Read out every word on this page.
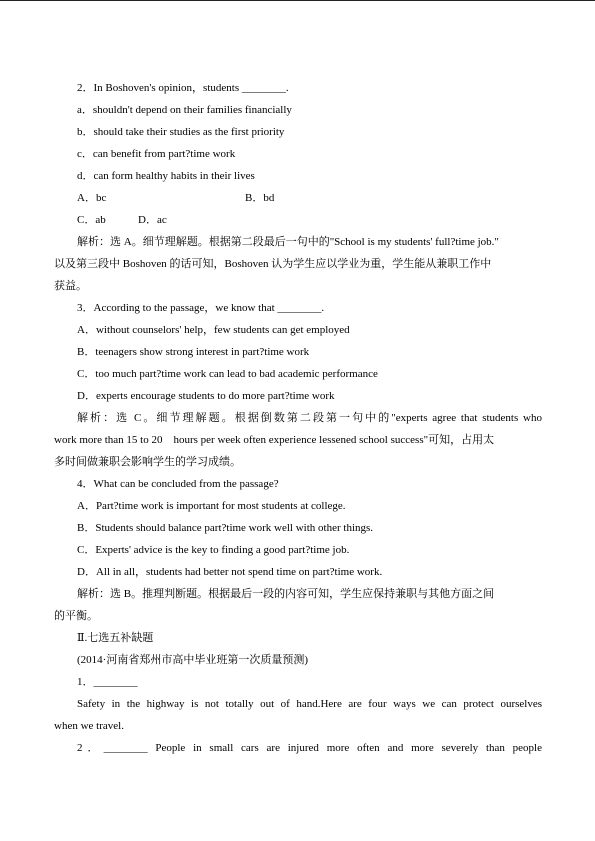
2．In Boshoven's opinion，students ________.
a．shouldn't depend on their families financially
b．should take their studies as the first priority
c．can benefit from part?time work
d．can form healthy habits in their lives
A．bc	B．bd
C．ab	D．ac
解析：选 A。细节理解题。根据第二段最后一句中的"School is my students' full?time job."
以及第三段中 Boshoven 的话可知，Boshoven 认为学生应以学业为重，学生能从兼职工作中
获益。
3．According to the passage，we know that ________.
A．without counselors' help，few students can get employed
B．teenagers show strong interest in part?time work
C．too much part?time work can lead to bad academic performance
D．experts encourage students to do more part?time work
解析：选 C。细节理解题。根据倒数第二段第一句中的"experts agree that students who
work more than 15 to 20　hours per week often experience lessened school success"可知，占用太
多时间做兼职会影响学生的学习成绩。
4．What can be concluded from the passage?
A．Part?time work is important for most students at college.
B．Students should balance part?time work well with other things.
C．Experts' advice is the key to finding a good part?time job.
D．All in all，students had better not spend time on part?time work.
解析：选 B。推理判断题。根据最后一段的内容可知，学生应保持兼职与其他方面之间
的平衡。
Ⅱ.七选五补缺题
(2014·河南省郑州市高中毕业班第一次质量预测)
1．________
Safety in the highway is not totally out of hand.Here are four ways we can protect ourselves
when we travel.
2．________ People in small cars are injured more often and more severely than people
